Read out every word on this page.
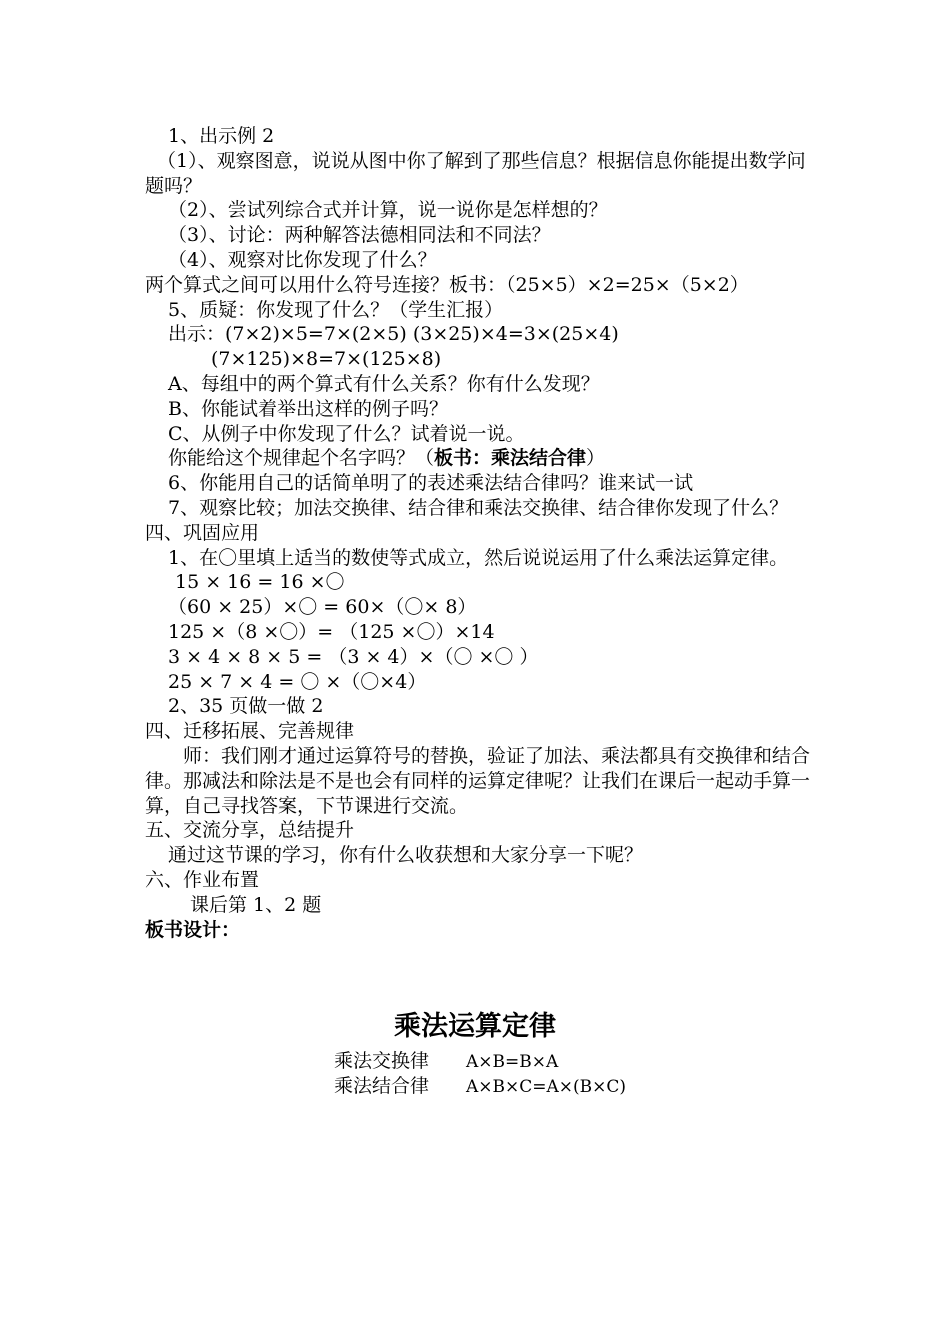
1、出示例 2
（1）、观察图意，说说从图中你了解到了那些信息？根据信息你能提出数学问题吗？
（2）、尝试列综合式并计算，说一说你是怎样想的？
（3）、讨论：两种解答法德相同法和不同法？
（4）、观察对比你发现了什么？
两个算式之间可以用什么符号连接？板书：（25×5）×2=25×（5×2）
5、质疑：你发现了什么？（学生汇报）
出示：(7×2)×5=7×(2×5) (3×25)×4=3×(25×4)
(7×125)×8=7×(125×8)
A、每组中的两个算式有什么关系？你有什么发现？
B、你能试着举出这样的例子吗？
C、从例子中你发现了什么？试着说一说。
你能给这个规律起个名字吗？（板书：乘法结合律）
6、你能用自己的话简单明了的表述乘法结合律吗？谁来试一试
7、观察比较；加法交换律、结合律和乘法交换律、结合律你发现了什么？
四、巩固应用
1、在〇里填上适当的数使等式成立，然后说说运用了什么乘法运算定律。
15 × 16 = 16 ×〇
（60 × 25）×〇 = 60×（〇× 8）
125 ×（8 ×〇）= （125 ×〇）×14
3 × 4 × 8 × 5 = （3 × 4）×（〇 ×〇 ）
25 × 7 × 4 = 〇 ×（〇×4）
2、35 页做一做 2
四、迁移拓展、完善规律
师：我们刚才通过运算符号的替换，验证了加法、乘法都具有交换律和结合律。那减法和除法是不是也会有同样的运算定律呢？让我们在课后一起动手算一算，自己寻找答案，下节课进行交流。
五、交流分享，总结提升
通过这节课的学习，你有什么收获想和大家分享一下呢？
六、作业布置
课后第 1、2 题
板书设计：
乘法运算定律
乘法交换律 A×B=B×A
乘法结合律 A×B×C=A×(B×C)
